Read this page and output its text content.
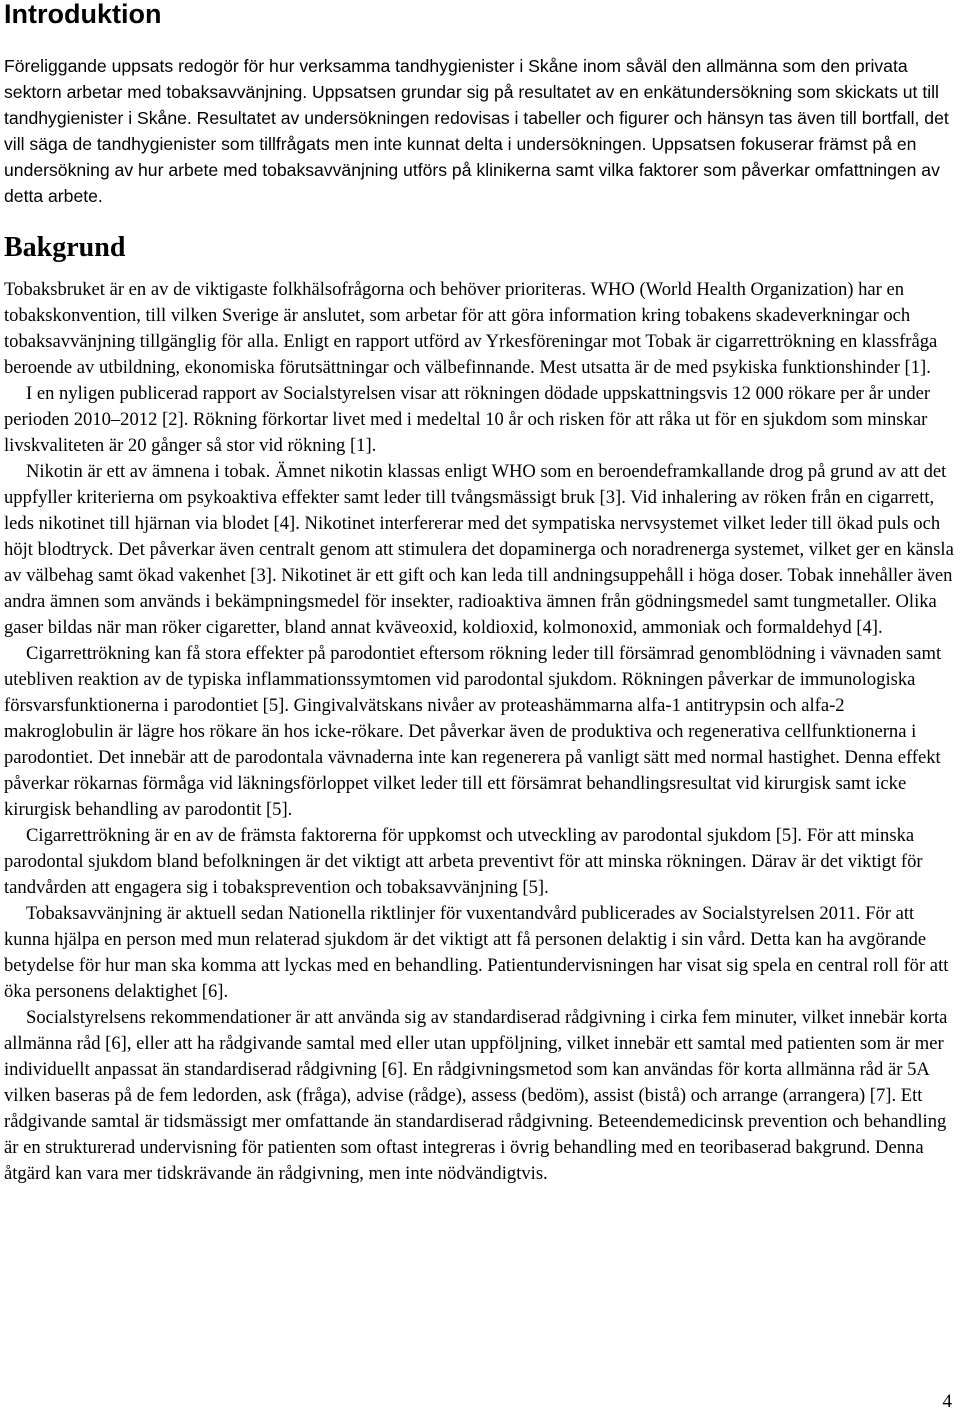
Introduktion

Föreliggande uppsats redogör för hur verksamma tandhygienister i Skåne inom såväl den allmänna som den privata sektorn arbetar med tobaksavvänjning. Uppsatsen grundar sig på resultatet av en enkätundersökning som skickats ut till tandhygienister i Skåne. Resultatet av undersökningen redovisas i tabeller och figurer och hänsyn tas även till bortfall, det vill säga de tandhygienister som tillfrågats men inte kunnat delta i undersökningen. Uppsatsen fokuserar främst på en undersökning av hur arbete med tobaksavvänjning utförs på klinikerna samt vilka faktorer som påverkar omfattningen av detta arbete.

Bakgrund

Tobaksbruket är en av de viktigaste folkhälsofrågorna och behöver prioriteras. WHO (World Health Organization) har en tobakskonvention, till vilken Sverige är anslutet, som arbetar för att göra information kring tobakens skadeverkningar och tobaksavvänjning tillgänglig för alla. Enligt en rapport utförd av Yrkesföreningar mot Tobak är cigarrettrökning en klassfråga beroende av utbildning, ekonomiska förutsättningar och välbefinnande. Mest utsatta är de med psykiska funktionshinder [1].

I en nyligen publicerad rapport av Socialstyrelsen visar att rökningen dödade uppskattningsvis 12 000 rökare per år under perioden 2010–2012 [2]. Rökning förkortar livet med i medeltal 10 år och risken för att råka ut för en sjukdom som minskar livskvaliteten är 20 gånger så stor vid rökning [1].

Nikotin är ett av ämnena i tobak. Ämnet nikotin klassas enligt WHO som en beroendeframkallande drog på grund av att det uppfyller kriterierna om psykoaktiva effekter samt leder till tvångsmässigt bruk [3]. Vid inhalering av röken från en cigarrett, leds nikotinet till hjärnan via blodet [4]. Nikotinet interfererar med det sympatiska nervsystemet vilket leder till ökad puls och höjt blodtryck. Det påverkar även centralt genom att stimulera det dopaminerga och noradrenerga systemet, vilket ger en känsla av välbehag samt ökad vakenhet [3]. Nikotinet är ett gift och kan leda till andningsuppehåll i höga doser. Tobak innehåller även andra ämnen som används i bekämpningsmedel för insekter, radioaktiva ämnen från gödningsmedel samt tungmetaller. Olika gaser bildas när man röker cigaretter, bland annat kväveoxid, koldioxid, kolmonoxid, ammoniak och formaldehyd [4].

Cigarrettrökning kan få stora effekter på parodontiet eftersom rökning leder till försämrad genomblödning i vävnaden samt utebliven reaktion av de typiska inflammationssymtomen vid parodontal sjukdom. Rökningen påverkar de immunologiska försvarsfunktionerna i parodontiet [5]. Gingivalvätskans nivåer av proteashämmarna alfa-1 antitrypsin och alfa-2 makroglobulin är lägre hos rökare än hos icke-rökare. Det påverkar även de produktiva och regenerativa cellfunktionerna i parodontiet. Det innebär att de parodontala vävnaderna inte kan regenerera på vanligt sätt med normal hastighet. Denna effekt påverkar rökarnas förmåga vid läkningsförloppet vilket leder till ett försämrat behandlingsresultat vid kirurgisk samt icke kirurgisk behandling av parodontit [5].

Cigarrettrökning är en av de främsta faktorerna för uppkomst och utveckling av parodontal sjukdom [5]. För att minska parodontal sjukdom bland befolkningen är det viktigt att arbeta preventivt för att minska rökningen. Därav är det viktigt för tandvården att engagera sig i tobaksprevention och tobaksavvänjning [5].

Tobaksavvänjning är aktuell sedan Nationella riktlinjer för vuxentandvård publicerades av Socialstyrelsen 2011. För att kunna hjälpa en person med mun relaterad sjukdom är det viktigt att få personen delaktig i sin vård. Detta kan ha avgörande betydelse för hur man ska komma att lyckas med en behandling. Patientundervisningen har visat sig spela en central roll för att öka personens delaktighet [6].

Socialstyrelsens rekommendationer är att använda sig av standardiserad rådgivning i cirka fem minuter, vilket innebär korta allmänna råd [6], eller att ha rådgivande samtal med eller utan uppföljning, vilket innebär ett samtal med patienten som är mer individuellt anpassat än standardiserad rådgivning [6]. En rådgivningsmetod som kan användas för korta allmänna råd är 5A vilken baseras på de fem ledorden, ask (fråga), advise (rådge), assess (bedöm), assist (bistå) och arrange (arrangera) [7]. Ett rådgivande samtal är tidsmässigt mer omfattande än standardiserad rådgivning. Beteendemedicinsk prevention och behandling är en strukturerad undervisning för patienten som oftast integreras i övrig behandling med en teoribaserad bakgrund. Denna åtgärd kan vara mer tidskrävande än rådgivning, men inte nödvändigtvis.

4
